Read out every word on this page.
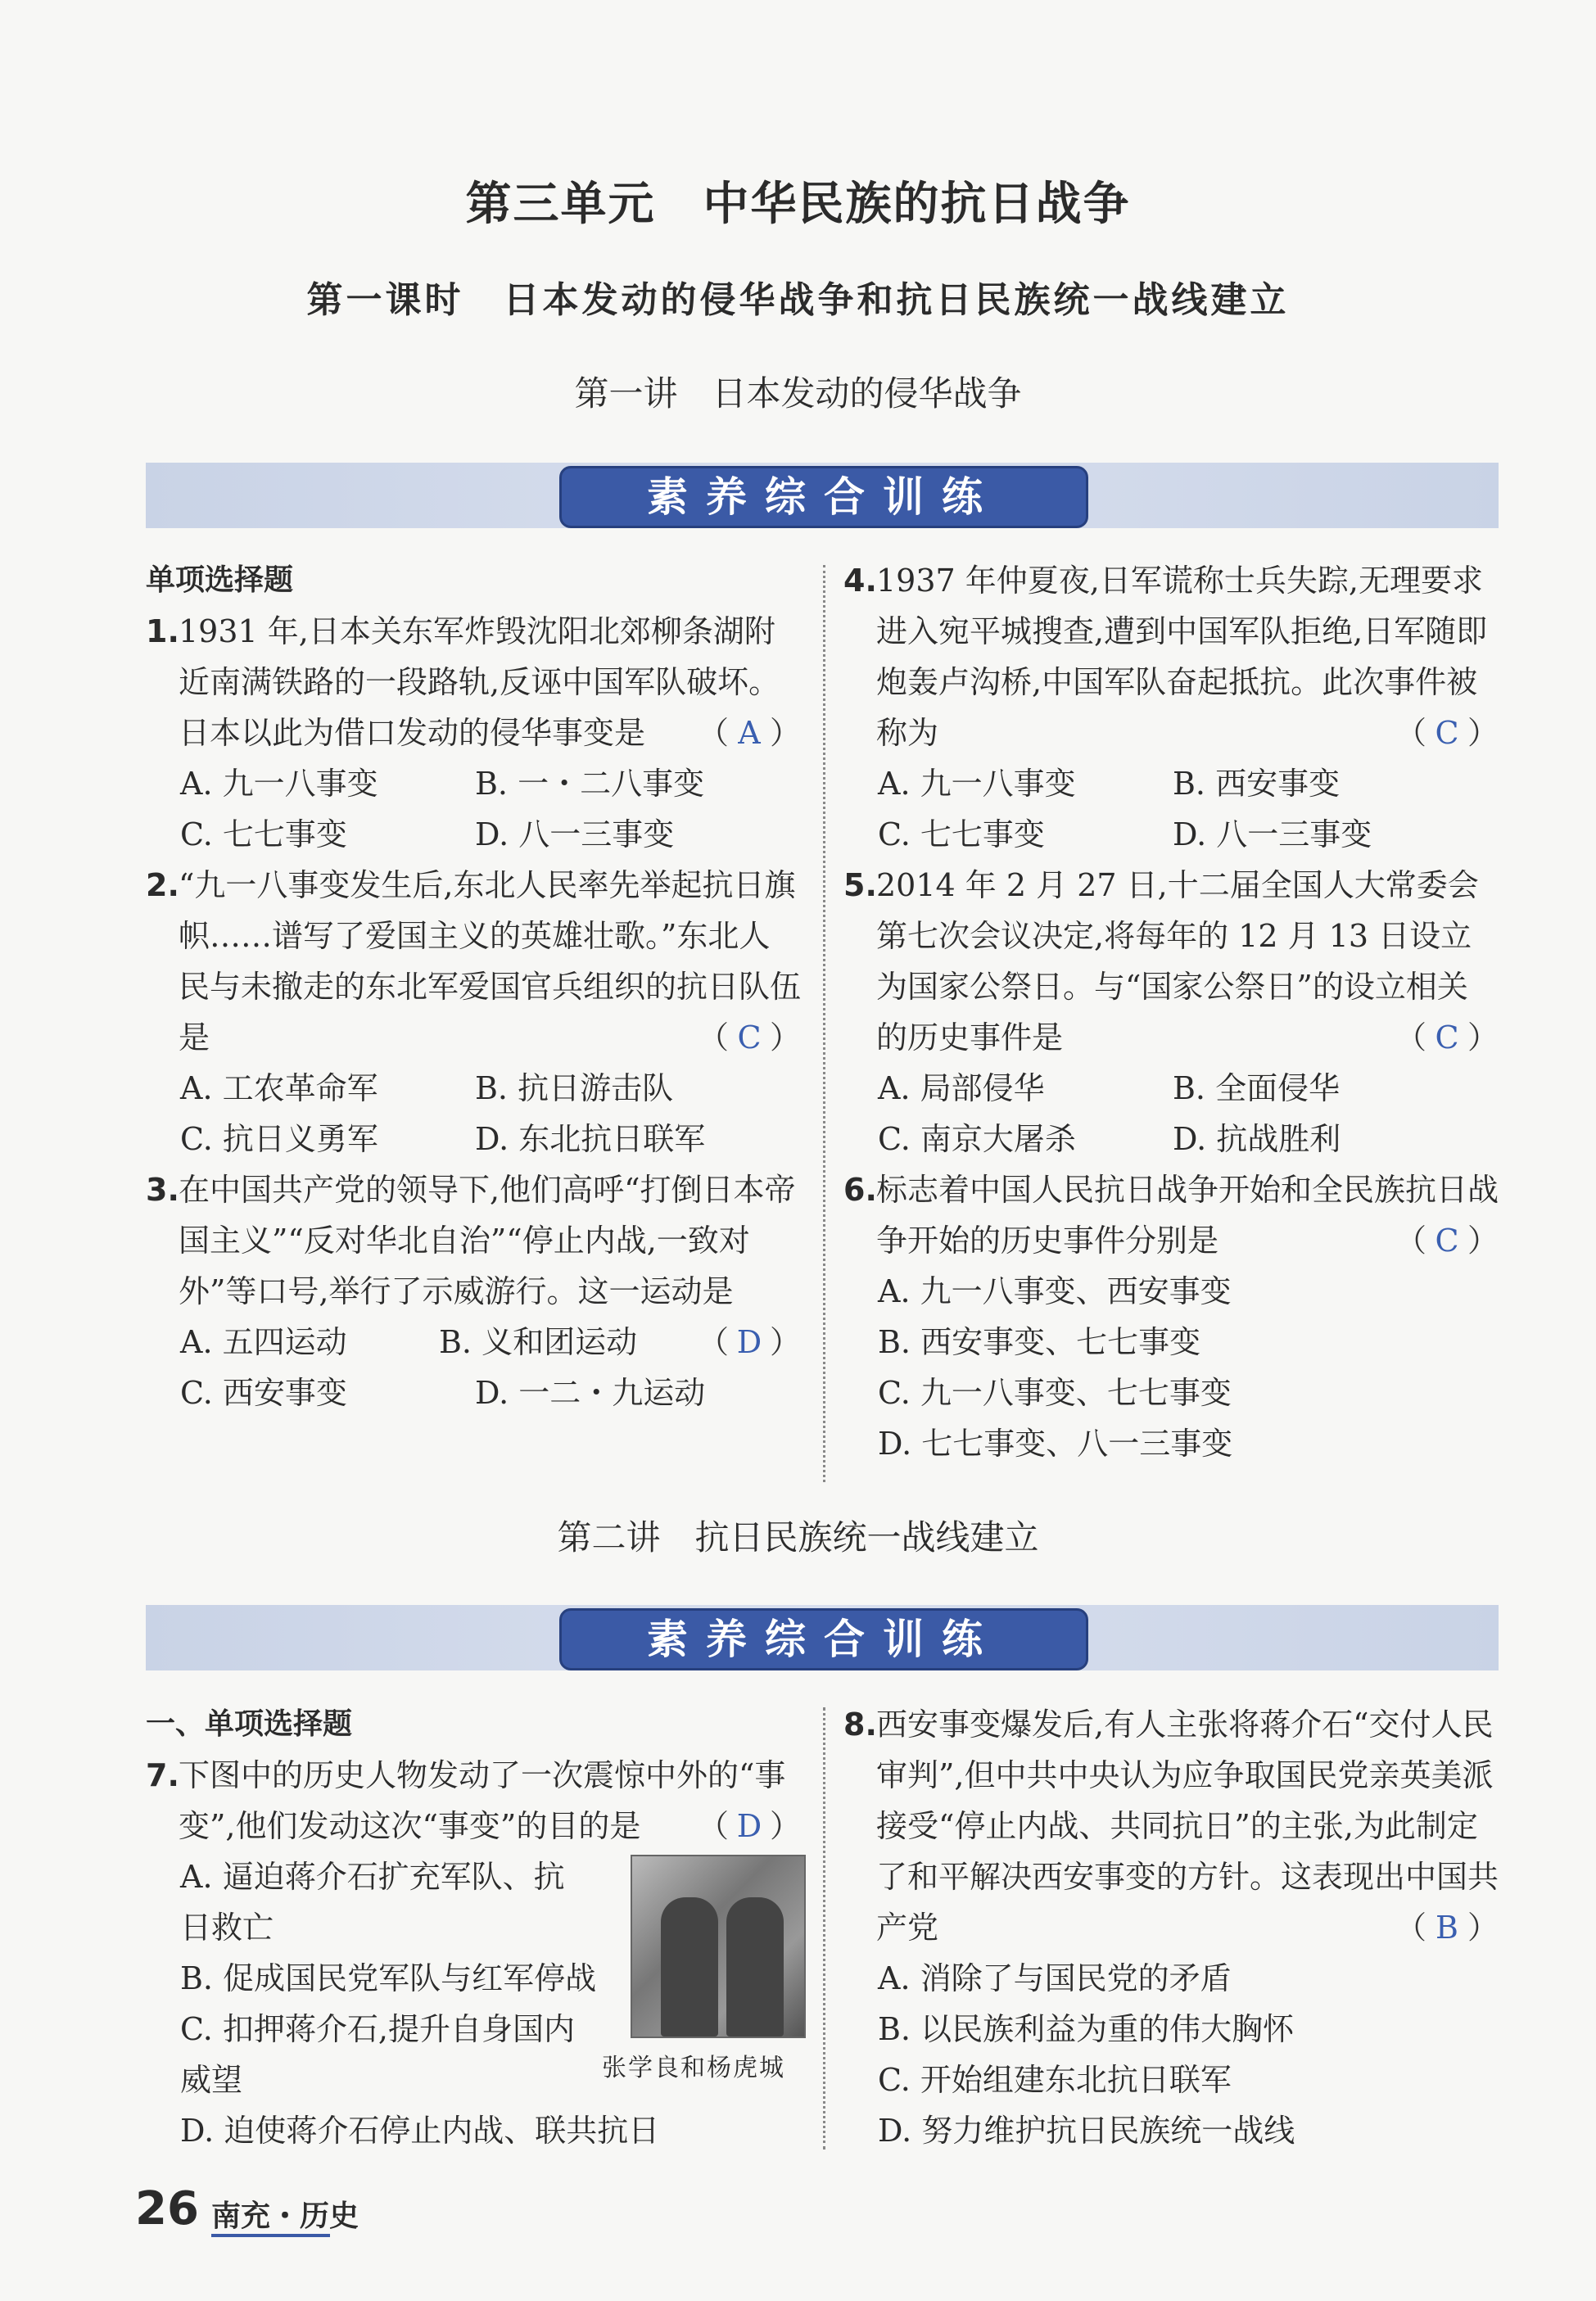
第三单元　中华民族的抗日战争
第一课时　日本发动的侵华战争和抗日民族统一战线建立
第一讲　日本发动的侵华战争
素养综合训练
单项选择题
1. 1931 年,日本关东军炸毁沈阳北郊柳条湖附近南满铁路的一段路轨,反诬中国军队破坏。日本以此为借口发动的侵华事变是 （ A ）
A. 九一八事变	B. 一・二八事变
C. 七七事变	D. 八一三事变
2. “九一八事变发生后,东北人民率先举起抗日旗帜……谱写了爱国主义的英雄壮歌。”东北人民与未撤走的东北军爱国官兵组织的抗日队伍是	（ C ）
A. 工农革命军	B. 抗日游击队
C. 抗日义勇军	D. 东北抗日联军
3. 在中国共产党的领导下,他们高呼“打倒日本帝国主义”“反对华北自治”“停止内战,一致对外”等口号,举行了示威游行。这一运动是
（ D ）
A. 五四运动	B. 义和团运动
C. 西安事变	D. 一二・九运动
4. 1937 年仲夏夜,日军谎称士兵失踪,无理要求进入宛平城搜查,遭到中国军队拒绝,日军随即炮轰卢沟桥,中国军队奋起抵抗。此次事件被称为	（ C ）
A. 九一八事变	B. 西安事变
C. 七七事变	D. 八一三事变
5. 2014 年 2 月 27 日,十二届全国人大常委会第七次会议决定,将每年的 12 月 13 日设立为国家公祭日。与“国家公祭日”的设立相关的历史事件是	（ C ）
A. 局部侵华	B. 全面侵华
C. 南京大屠杀	D. 抗战胜利
6. 标志着中国人民抗日战争开始和全民族抗日战争开始的历史事件分别是	（ C ）
A. 九一八事变、西安事变
B. 西安事变、七七事变
C. 九一八事变、七七事变
D. 七七事变、八一三事变
第二讲　抗日民族统一战线建立
素养综合训练
一、单项选择题
7. 下图中的历史人物发动了一次震惊中外的“事变”,他们发动这次“事变”的目的是 （ D ）
A. 逼迫蒋介石扩充军队、抗日救亡
B. 促成国民党军队与红军停战
C. 扣押蒋介石,提升自身国内威望
D. 迫使蒋介石停止内战、联共抗日
张学良和杨虎城
8. 西安事变爆发后,有人主张将蒋介石“交付人民审判”,但中共中央认为应争取国民党亲英美派接受“停止内战、共同抗日”的主张,为此制定了和平解决西安事变的方针。这表现出中国共产党	（ B ）
A. 消除了与国民党的矛盾
B. 以民族利益为重的伟大胸怀
C. 开始组建东北抗日联军
D. 努力维护抗日民族统一战线
26 南充・历史
